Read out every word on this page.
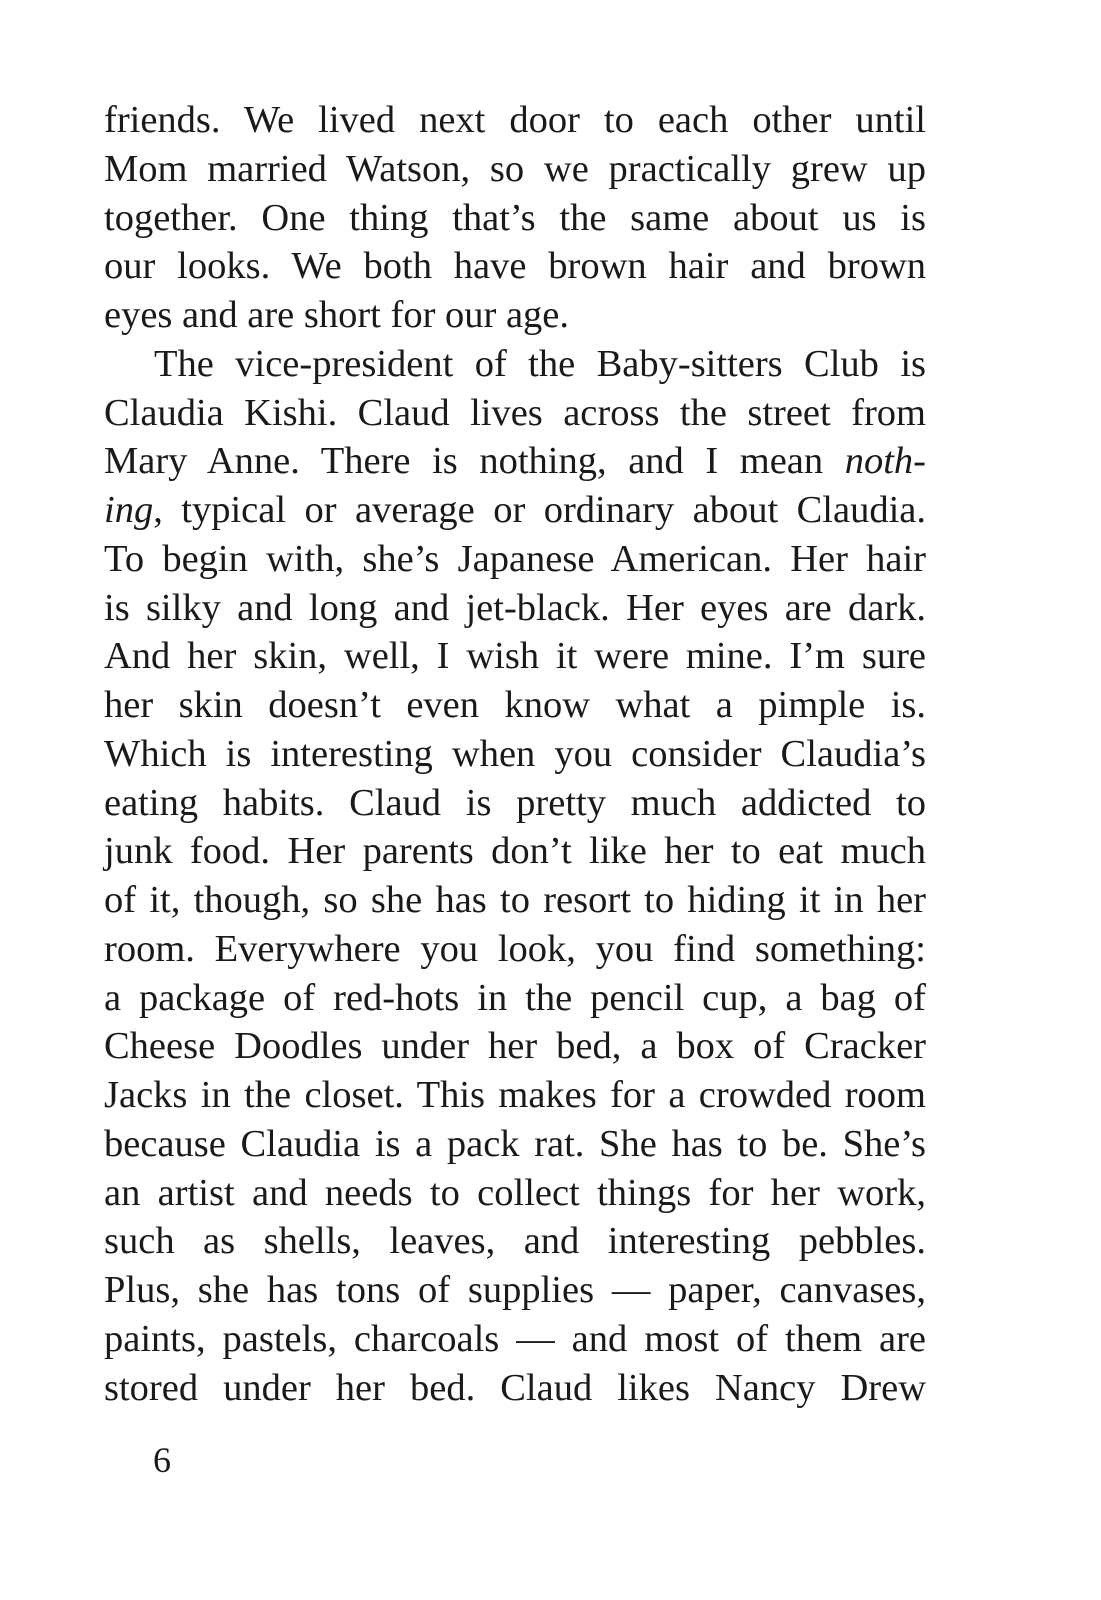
friends. We lived next door to each other until
Mom married Watson, so we practically grew up
together. One thing that’s the same about us is
our looks. We both have brown hair and brown
eyes and are short for our age.
The vice-president of the Baby-sitters Club is
Claudia Kishi. Claud lives across the street from
Mary Anne. There is nothing, and I mean noth-
ing, typical or average or ordinary about Claudia.
To begin with, she’s Japanese American. Her hair
is silky and long and jet-black. Her eyes are dark.
And her skin, well, I wish it were mine. I’m sure
her skin doesn’t even know what a pimple is.
Which is interesting when you consider Claudia’s
eating habits. Claud is pretty much addicted to
junk food. Her parents don’t like her to eat much
of it, though, so she has to resort to hiding it in her
room. Everywhere you look, you find something:
a package of red-hots in the pencil cup, a bag of
Cheese Doodles under her bed, a box of Cracker
Jacks in the closet. This makes for a crowded room
because Claudia is a pack rat. She has to be. She’s
an artist and needs to collect things for her work,
such as shells, leaves, and interesting pebbles.
Plus, she has tons of supplies — paper, canvases,
paints, pastels, charcoals — and most of them are
stored under her bed. Claud likes Nancy Drew
6
